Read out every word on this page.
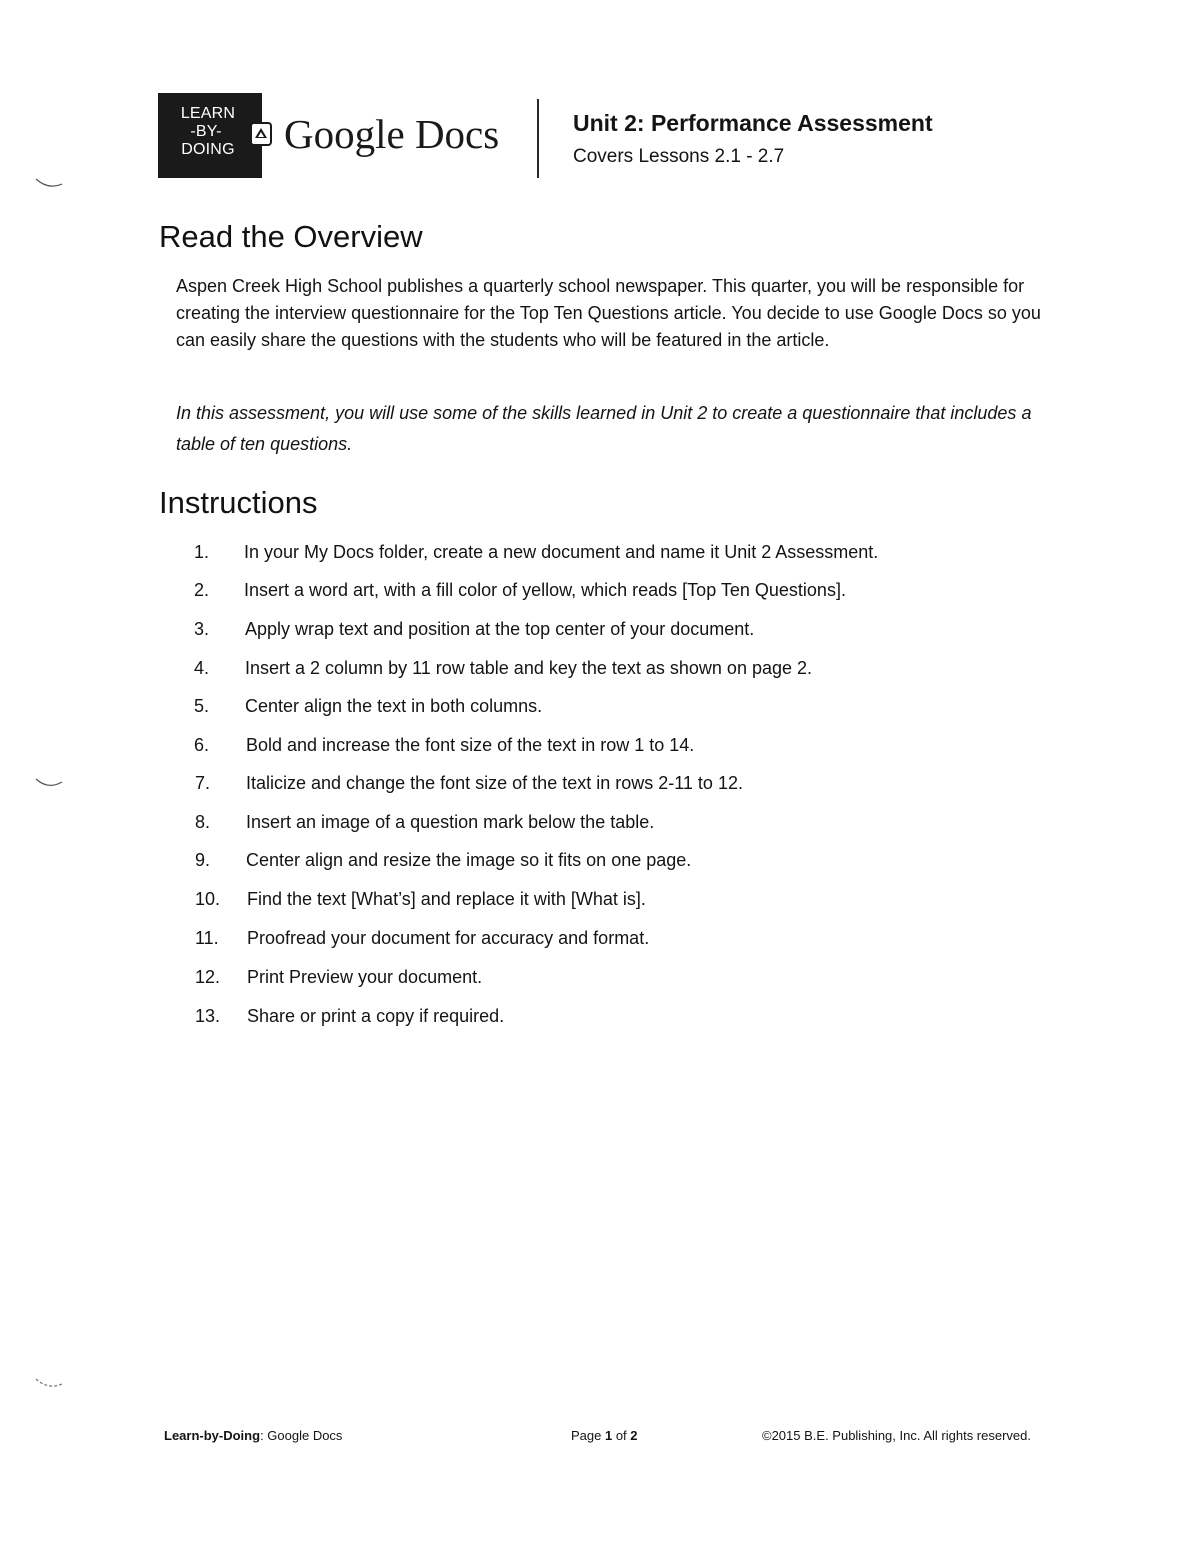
LEARN
-BY-
DOING	Google Docs	Unit 2: Performance Assessment
Covers Lessons 2.1 - 2.7
Read the Overview

Aspen Creek High School publishes a quarterly school newspaper. This quarter, you will be responsible for creating the interview questionnaire for the Top Ten Questions article. You decide to use Google Docs so you can easily share the questions with the students who will be featured in the article.

In this assessment, you will use some of the skills learned in Unit 2 to create a questionnaire that includes a table of ten questions.

Instructions
1. In your My Docs folder, create a new document and name it Unit 2 Assessment.
2. Insert a word art, with a fill color of yellow, which reads [Top Ten Questions].
3. Apply wrap text and position at the top center of your document.
4. Insert a 2 column by 11 row table and key the text as shown on page 2.
5. Center align the text in both columns.
6. Bold and increase the font size of the text in row 1 to 14.
7. Italicize and change the font size of the text in rows 2-11 to 12.
8. Insert an image of a question mark below the table.
9. Center align and resize the image so it fits on one page.
10. Find the text [What’s] and replace it with [What is].
11. Proofread your document for accuracy and format.
12. Print Preview your document.
13. Share or print a copy if required.
Learn-by-Doing: Google Docs	Page 1 of 2	©2015 B.E. Publishing, Inc. All rights reserved.
